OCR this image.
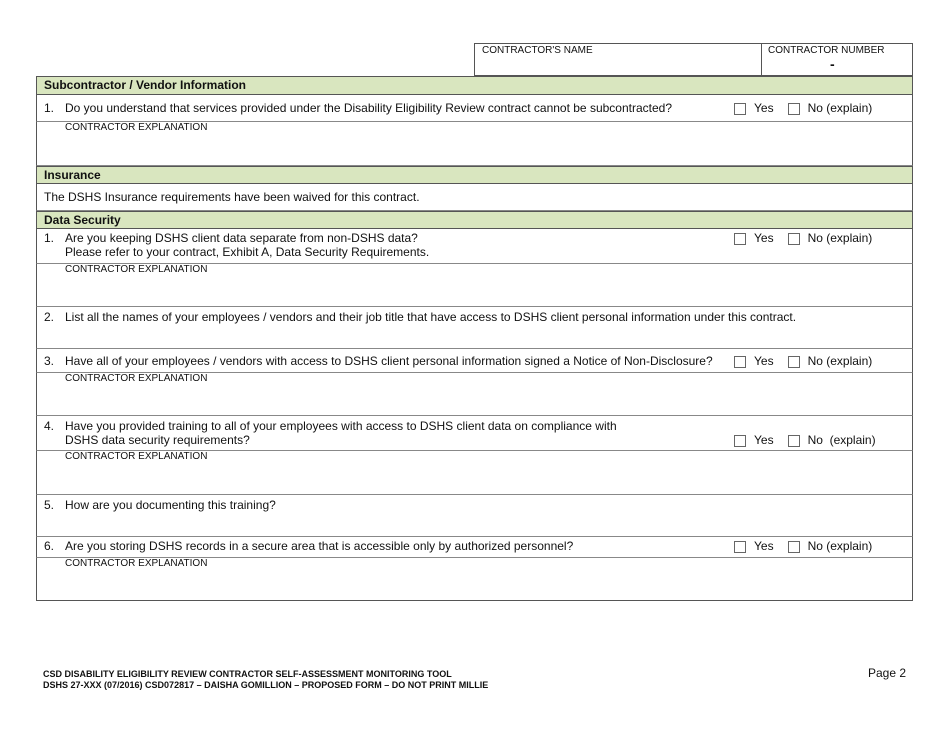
CONTRACTOR'S NAME	CONTRACTOR NUMBER
-
Subcontractor / Vendor Information
1. Do you understand that services provided under the Disability Eligibility Review contract cannot be subcontracted?	Yes	No (explain)
CONTRACTOR EXPLANATION
Insurance
The DSHS Insurance requirements have been waived for this contract.
Data Security
1. Are you keeping DSHS client data separate from non-DSHS data?
Please refer to your contract, Exhibit A, Data Security Requirements.
Yes	No (explain)
CONTRACTOR EXPLANATION
2. List all the names of your employees / vendors and their job title that have access to DSHS client personal information under this contract.
3. Have all of your employees / vendors with access to DSHS client personal information signed a Notice of Non-Disclosure?	Yes	No (explain)
CONTRACTOR EXPLANATION
4. Have you provided training to all of your employees with access to DSHS client data on compliance with
DSHS data security requirements?	Yes	No  (explain)
CONTRACTOR EXPLANATION
5. How are you documenting this training?
6. Are you storing DSHS records in a secure area that is accessible only by authorized personnel?	Yes	No (explain)
CONTRACTOR EXPLANATION
CSD DISABILITY ELIGIBILITY REVIEW CONTRACTOR SELF-ASSESSMENT MONITORING TOOL
DSHS 27-XXX (07/2016) CSD072817 – DAISHA GOMILLION – PROPOSED FORM – DO NOT PRINT MILLIE
Page 2
